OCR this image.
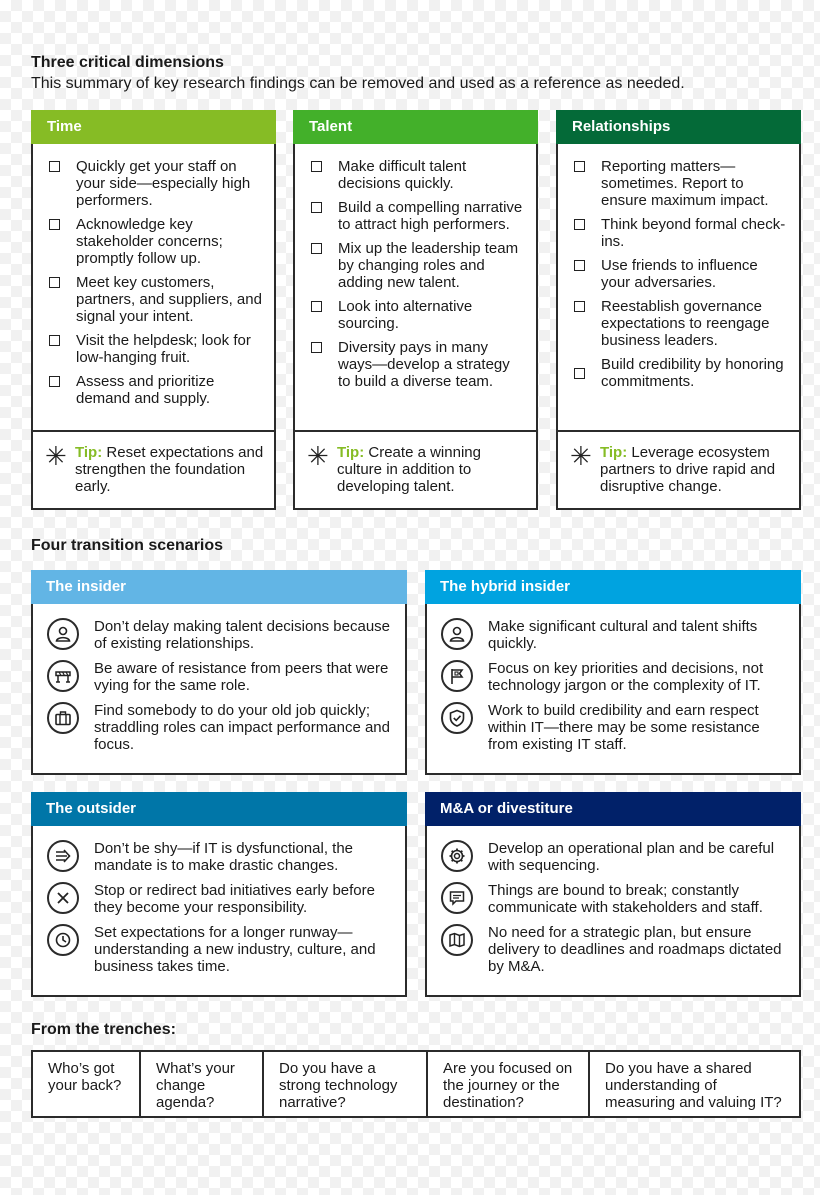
Three critical dimensions
This summary of key research findings can be removed and used as a reference as needed.
Time
Quickly get your staff on your side—especially high performers.
Acknowledge key stakeholder concerns; promptly follow up.
Meet key customers, partners, and suppliers, and signal your intent.
Visit the helpdesk; look for low-hanging fruit.
Assess and prioritize demand and supply.
✳ Tip: Reset expectations and strengthen the foundation early.
Talent
Make difficult talent decisions quickly.
Build a compelling narrative to attract high performers.
Mix up the leadership team by changing roles and adding new talent.
Look into alternative sourcing.
Diversity pays in many ways—develop a strategy to build a diverse team.
✳ Tip: Create a winning culture in addition to developing talent.
Relationships
Reporting matters—sometimes. Report to ensure maximum impact.
Think beyond formal check-ins.
Use friends to influence your adversaries.
Reestablish governance expectations to reengage business leaders.
Build credibility by honoring commitments.
✳ Tip: Leverage ecosystem partners to drive rapid and disruptive change.
Four transition scenarios
The insider
Don’t delay making talent decisions because of existing relationships.
Be aware of resistance from peers that were vying for the same role.
Find somebody to do your old job quickly; straddling roles can impact performance and focus.
The hybrid insider
Make significant cultural and talent shifts quickly.
Focus on key priorities and decisions, not technology jargon or the complexity of IT.
Work to build credibility and earn respect within IT—there may be some resistance from existing IT staff.
The outsider
Don’t be shy—if IT is dysfunctional, the mandate is to make drastic changes.
Stop or redirect bad initiatives early before they become your responsibility.
Set expectations for a longer runway—understanding a new industry, culture, and business takes time.
M&A or divestiture
Develop an operational plan and be careful with sequencing.
Things are bound to break; constantly communicate with stakeholders and staff.
No need for a strategic plan, but ensure delivery to deadlines and roadmaps dictated by M&A.
From the trenches:
Who’s got your back?
What’s your change agenda?
Do you have a strong technology narrative?
Are you focused on the journey or the destination?
Do you have a shared understanding of measuring and valuing IT?
